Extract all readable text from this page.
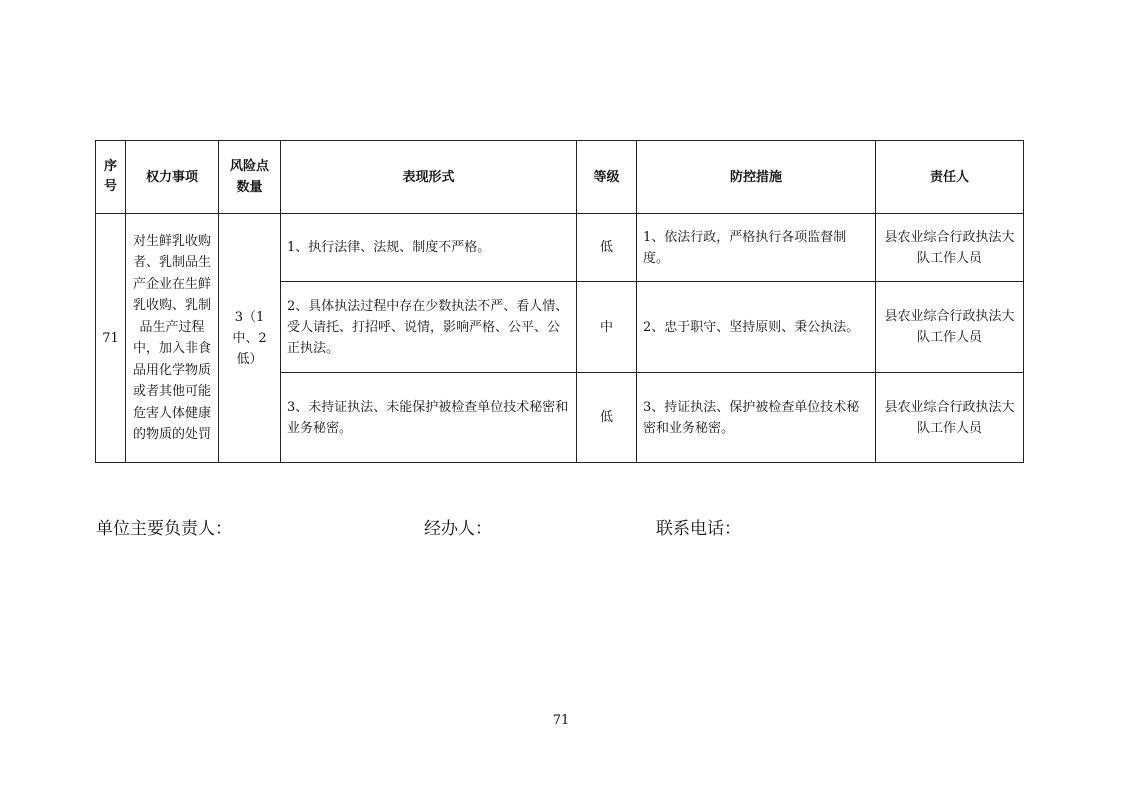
序号	权力事项	风险点数量	表现形式	等级	防控措施	责任人
71	对生鲜乳收购者、乳制品生产企业在生鲜乳收购、乳制品生产过程中，加入非食品用化学物质或者其他可能危害人体健康的物质的处罚	3（1中、2低）	1、执行法律、法规、制度不严格。	低	1、依法行政，严格执行各项监督制度。	县农业综合行政执法大队工作人员

			2、具体执法过程中存在少数执法不严、看人情、受人请托、打招呼、说情，影响严格、公平、公正执法。	中	2、忠于职守、坚持原则、秉公执法。	县农业综合行政执法大队工作人员

			3、未持证执法、未能保护被检查单位技术秘密和业务秘密。	低	3、持证执法、保护被检查单位技术秘密和业务秘密。	县农业综合行政执法大队工作人员
单位主要负责人：	经办人：	联系电话：
71
